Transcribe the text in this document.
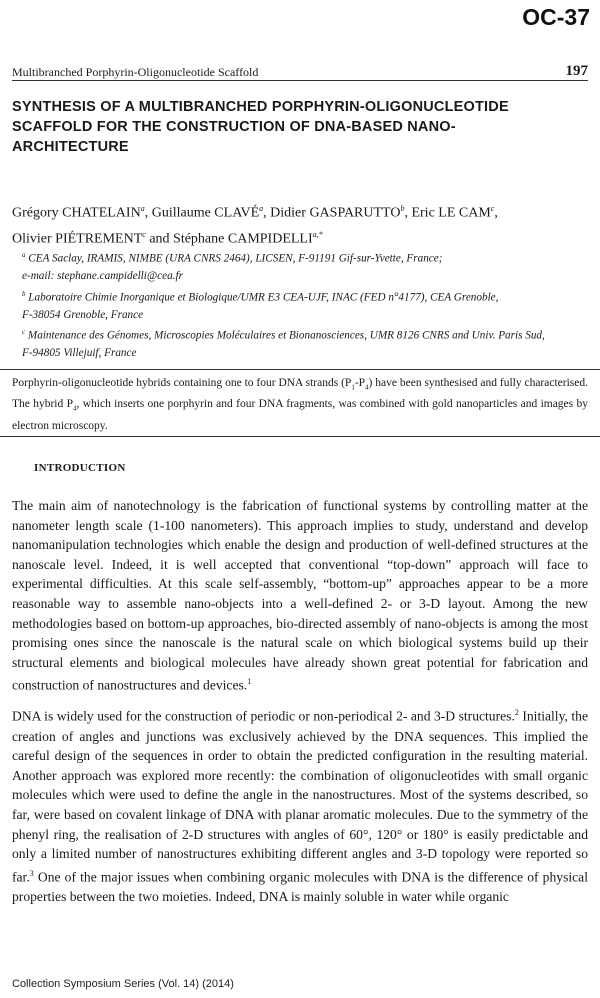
OC-37
Multibranched Porphyrin-Oligonucleotide Scaffold	197
SYNTHESIS OF A MULTIBRANCHED PORPHYRIN-OLIGONUCLEOTIDE SCAFFOLD FOR THE CONSTRUCTION OF DNA-BASED NANO-ARCHITECTURE
Grégory CHATELAIN$^a$, Guillaume CLAVÉ$^a$, Didier GASPARUTTO$^b$, Eric LE CAM$^c$,
Olivier PIÉTREMENT$^c$ and Stéphane $CAMPIDELLI^{a,*}$
$^a$ CEA Saclay, IRAMIS, NIMBE (URA CNRS 2464), LICSEN, F-91191 Gif-sur-Yvette, France;
e-mail: stephane.campidelli@cea.fr
$^b$ Laboratoire Chimie Inorganique et Biologique/UMR E3 CEA-UJF, INAC (FED n°4177), CEA Grenoble,
F-38054 Grenoble, France
$^c$ Maintenance des Génomes, Microscopies Moléculaires et Bionanosciences, UMR 8126 CNRS and Univ. Paris Sud,
F-94805 Villejuif, France
Porphyrin-oligonucleotide hybrids containing one to four DNA strands $(P_1-P_4)$ have been synthesised and fully characterised. The hybrid $P_4$, which inserts one porphyrin and four DNA fragments, was combined with gold nanoparticles and images by electron microscopy.
INTRODUCTION

The main aim of nanotechnology is the fabrication of functional systems by controlling matter at the nanometer length scale (1-100 nanometers). This approach implies to study, understand and develop nanomanipulation technologies which enable the design and production of well-defined structures at the nanoscale level. Indeed, it is well accepted that conventional “top-down” approach will face to experimental difficulties. At this scale self-assembly, “bottom-up” approaches appear to be a more reasonable way to assemble nano-objects into a well-defined 2- or 3-D layout. Among the new methodologies based on bottom-up approaches, bio-directed assembly of nano-objects is among the most promising ones since the nanoscale is the natural scale on which biological systems build up their structural elements and biological molecules have already shown great potential for fabrication and construction of nanostructures and devices.$^1$

DNA is widely used for the construction of periodic or non-periodical 2- and 3-D structures.$^2$ Initially, the creation of angles and junctions was exclusively achieved by the DNA sequences. This implied the careful design of the sequences in order to obtain the predicted configuration in the resulting material. Another approach was explored more recently: the combination of oligonucleotides with small organic molecules which were used to define the angle in the nanostructures. Most of the systems described, so far, were based on covalent linkage of DNA with planar aromatic molecules. Due to the symmetry of the phenyl ring, the realisation of 2-D structures with angles of 60°, 120° or 180° is easily predictable and only a limited number of nanostructures exhibiting different angles and 3-D topology were reported so far.$^3$ One of the major issues when combining organic molecules with DNA is the difference of physical properties between the two moieties. Indeed, DNA is mainly soluble in water while organic

Collection Symposium Series (Vol. 14) (2014)
